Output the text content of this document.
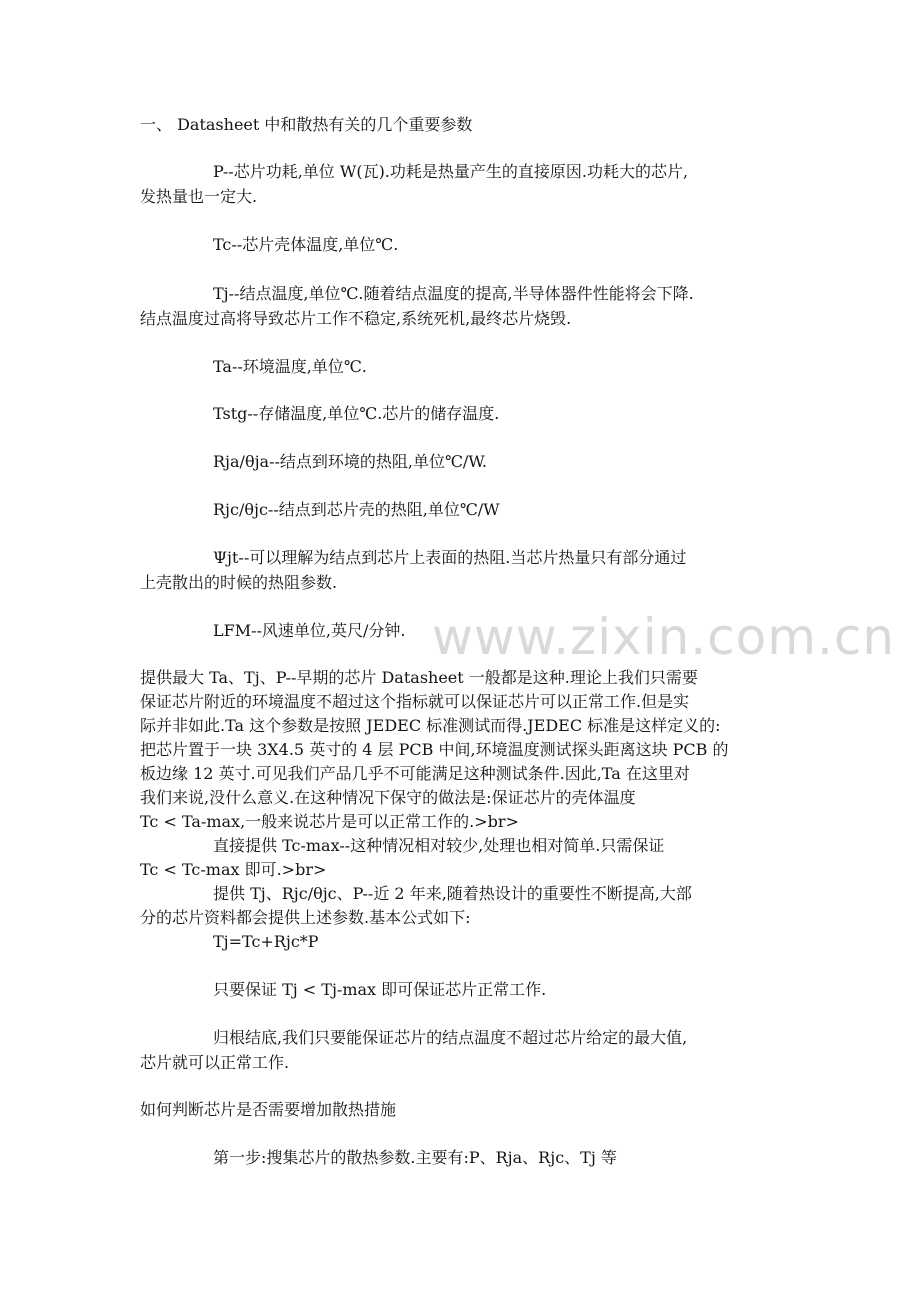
一、 Datasheet 中和散热有关的几个重要参数
P--芯片功耗,单位 W(瓦).功耗是热量产生的直接原因.功耗大的芯片,
发热量也一定大.
Tc--芯片壳体温度,单位℃.
Tj--结点温度,单位℃.随着结点温度的提高,半导体器件性能将会下降.
结点温度过高将导致芯片工作不稳定,系统死机,最终芯片烧毁.
Ta--环境温度,单位℃.
Tstg--存储温度,单位℃.芯片的储存温度.
Rja/θja--结点到环境的热阻,单位℃/W.
Rjc/θjc--结点到芯片壳的热阻,单位℃/W
Ψjt--可以理解为结点到芯片上表面的热阻.当芯片热量只有部分通过
上壳散出的时候的热阻参数.
LFM--风速单位,英尺/分钟.
提供最大 Ta、Tj、P--早期的芯片 Datasheet 一般都是这种.理论上我们只需要
保证芯片附近的环境温度不超过这个指标就可以保证芯片可以正常工作.但是实
际并非如此.Ta 这个参数是按照 JEDEC 标准测试而得.JEDEC 标准是这样定义的:
把芯片置于一块 3X4.5 英寸的 4 层 PCB 中间,环境温度测试探头距离这块 PCB 的
板边缘 12 英寸.可见我们产品几乎不可能满足这种测试条件.因此,Ta 在这里对
我们来说,没什么意义.在这种情况下保守的做法是:保证芯片的壳体温度
Tc < Ta-max,一般来说芯片是可以正常工作的.>br>
直接提供 Tc-max--这种情况相对较少,处理也相对简单.只需保证
Tc < Tc-max 即可.>br>
提供 Tj、Rjc/θjc、P--近 2 年来,随着热设计的重要性不断提高,大部
分的芯片资料都会提供上述参数.基本公式如下:
Tj=Tc+Rjc*P
只要保证 Tj < Tj-max 即可保证芯片正常工作.
归根结底,我们只要能保证芯片的结点温度不超过芯片给定的最大值,
芯片就可以正常工作.
如何判断芯片是否需要增加散热措施
第一步:搜集芯片的散热参数.主要有:P、Rja、Rjc、Tj 等
www.zixin.com.cn
